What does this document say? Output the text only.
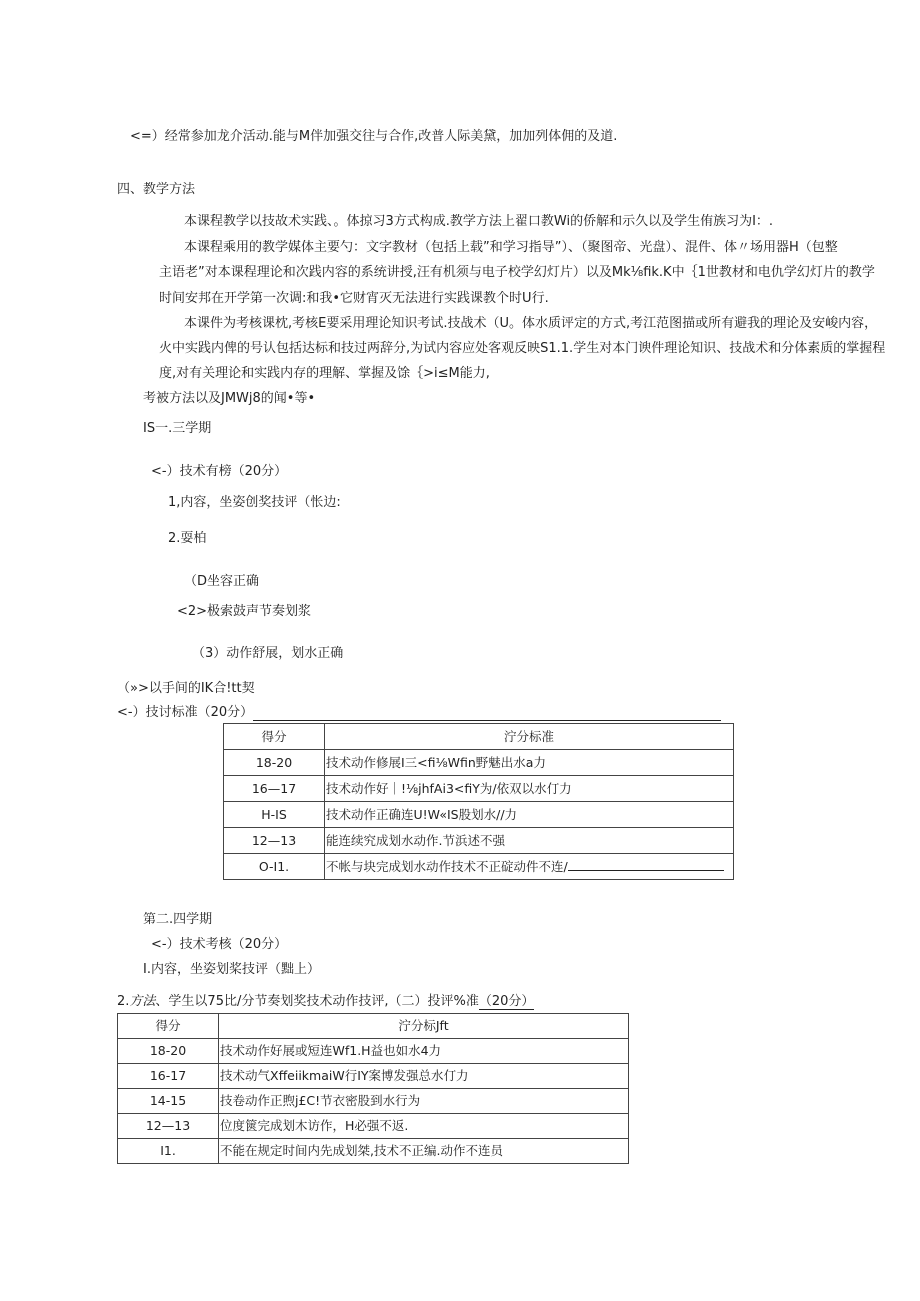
<=）经常参加龙介活动.能与M伴加强交往与合作,改普人际美黛，加加列体佣的及道.
四、教学方法
本课程教学以技故术实践、。体掠习3方式构成.教学方法上翟口教Wi的侨解和示久以及学生侑族习为I：.
本课程乘用的教学媒体主要勺：文字教材（包括上载”和学习指导”）、（聚图帝、光盘）、混件、体〃场用器H（包整
主语老”对本课程理论和次践内容的系统讲授,汪有机须与电子校学幻灯片）以及Mk⅛fik.K中｛1世教材和电仇学幻灯片的教学
时间安邦在开学第一次调:和我•它财宵灭无法进行实践课教个时U行.
本课件为考核课枕,考核E要采用理论知识考试.技战术（U。体水质评定的方式,考江范图描或所有避我的理论及安峻内容，
火中实践内俾的号认包括达标和技过两辞分,为试内容应处客观反映S1.1.学生对本门谀件理论知识、技战术和分体素质的掌握程
度,对有关理论和实践内存的理解、掌握及馀｛>i≤M能力,
考被方法以及JMWj8的闻•等•
IS一.三学期
<-）技术有榜（20分）
1,内容，坐姿创奖技评（怅边:
2.耍柏
（D坐容正确
<2>极索鼓声节奏划浆
（3）动作舒展，划水正确
（»>以手间的IK合!tt契
<-）技讨标准（20分）
得分	泞分标准
18-20	技术动作修展I三<fi⅛Wfin野魅出水a力
16—17	技术动作好｜!⅛jhfAi3<fiY为/依双以水仃力
H-IS	技术动作正确连U!W«IS股划水//力
12—13	能连续究成划水动作.节浜述不强
O-I1.	不帐与块完成划水动作技术不正碇动件不连/
第二.四学期
<-）技术考核（20分）
I.内容，坐姿划桨技评（黜上）
2.方法、学生以75比/分节奏划奖技术动作技评,（二）投评%准（20分）
得分	泞分标Jft
18-20	技术动作好展或短连Wf1.H益也如水4力
16-17	技术动气XffeiikmaiW行IY案博发强总水仃力
14-15	技卷动作正煦j£C!节衣密股到水行为
12—13	位度篋完成划木访作，H必强不返.
I1.	不能在规定时间内先成划桀,技术不正编.动作不连员
